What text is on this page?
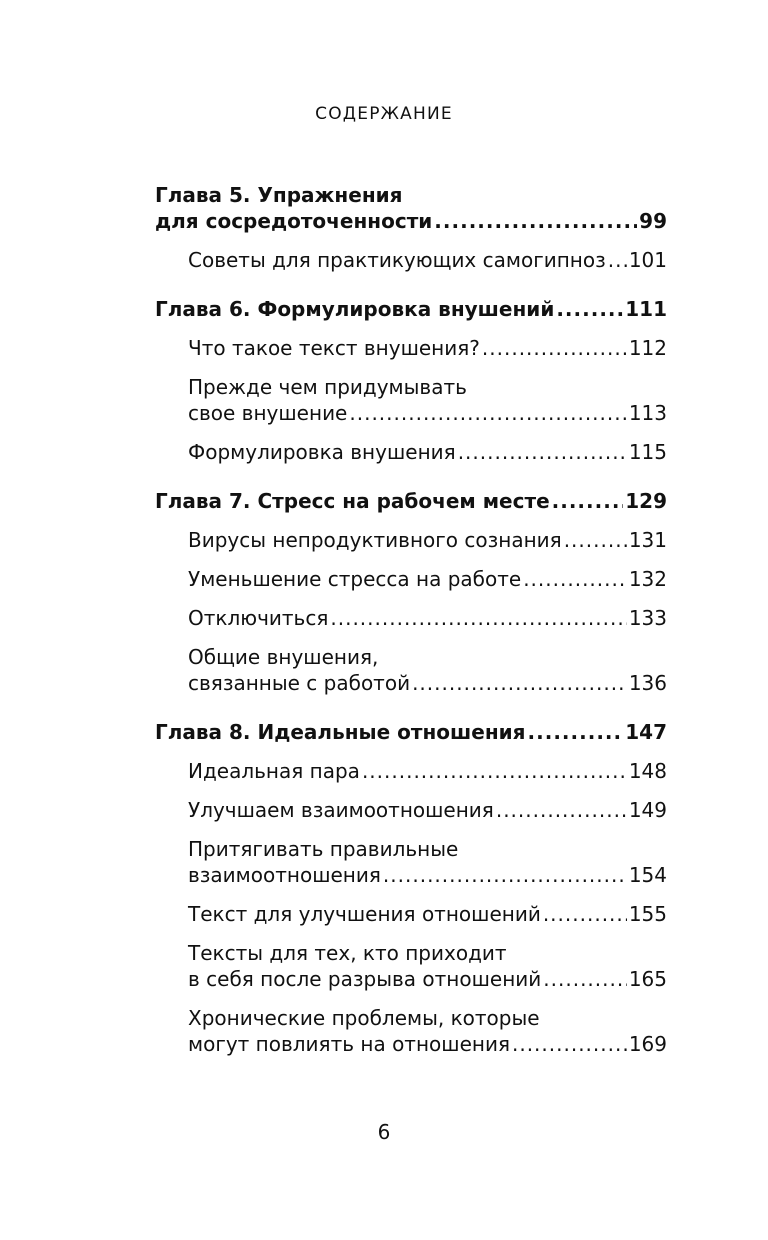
СОДЕРЖАНИЕ
Глава 5. Упражнения
для сосредоточенности .....	99
Советы для практикующих самогипноз ..... 101
Глава 6. Формулировка внушений .....	111
Что такое текст внушения? .....	112
Прежде чем придумывать
свое внушение .....	113
Формулировка внушения .....	115
Глава 7. Стресс на рабочем месте .....	129
Вирусы непродуктивного сознания .....	131
Уменьшение стресса на работе .....	132
Отключиться .....	133
Общие внушения,
связанные с работой .....	136
Глава 8. Идеальные отношения .....	147
Идеальная пара .....	148
Улучшаем взаимоотношения .....	149
Притягивать правильные
взаимоотношения .....	154
Текст для улучшения отношений .....	155
Тексты для тех, кто приходит
в себя после разрыва отношений .....	165
Хронические проблемы, которые
могут повлиять на отношения .....	169
6
